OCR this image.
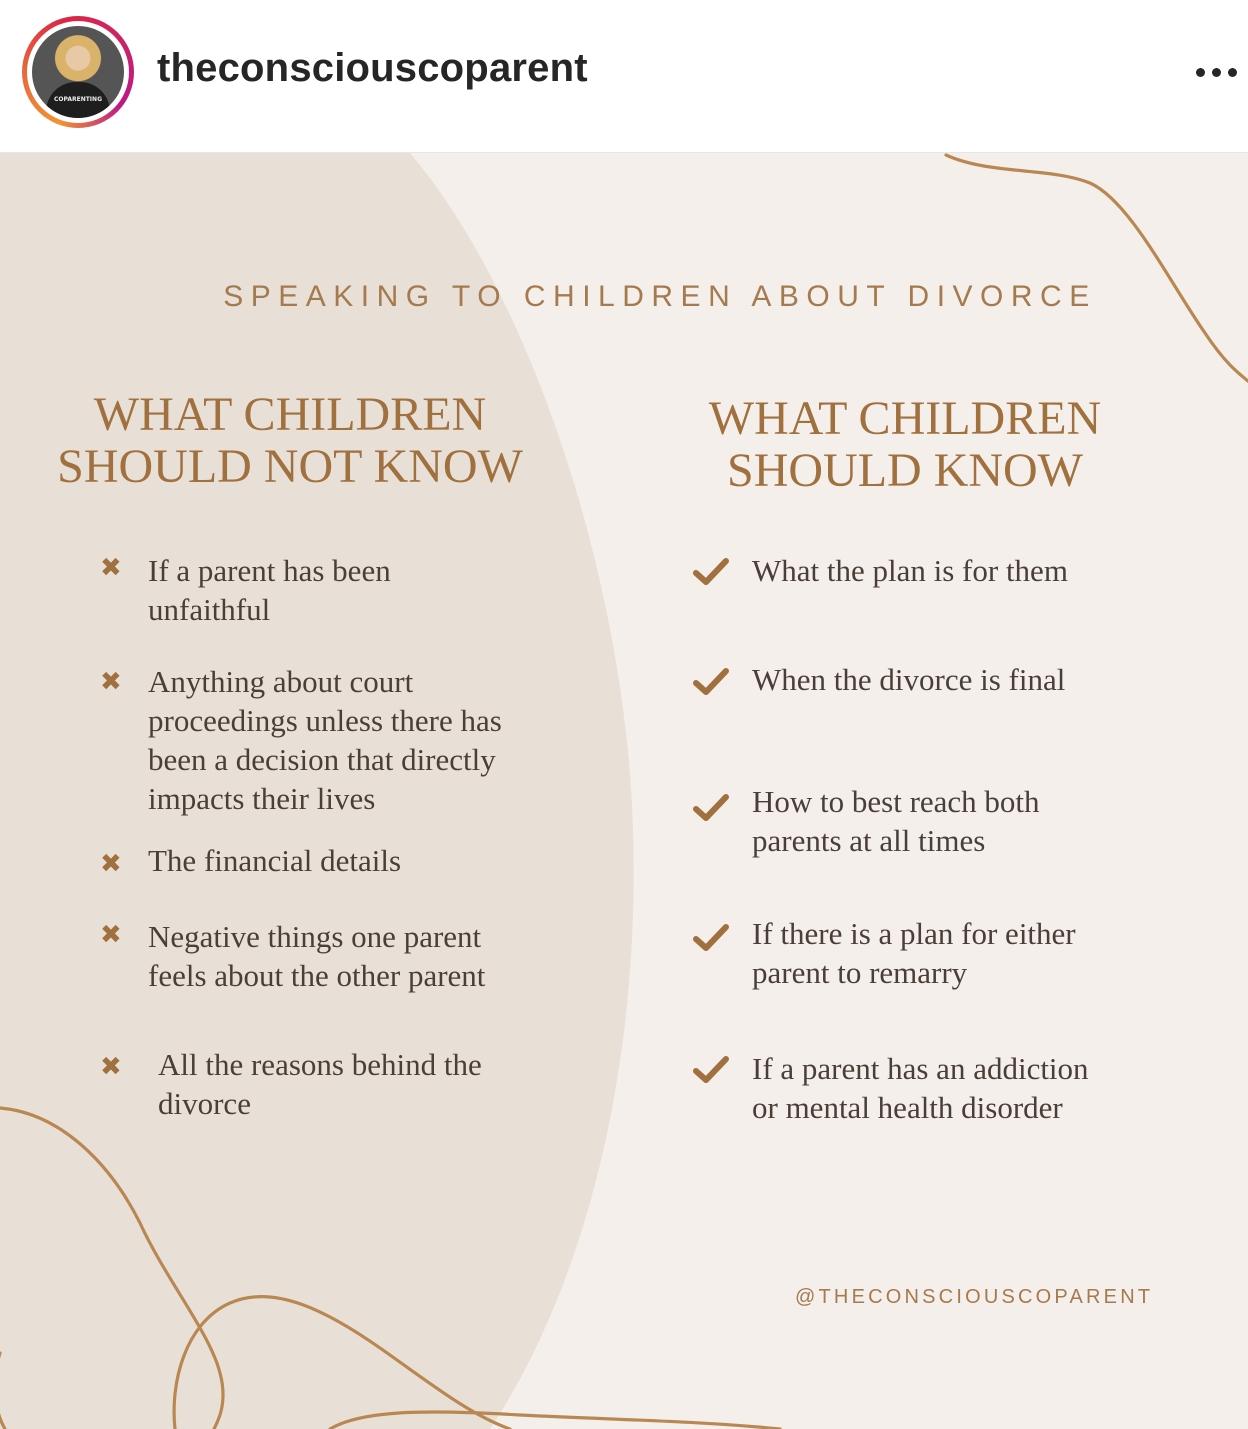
COPARENTING
theconsciouscoparent
SPEAKING TO CHILDREN ABOUT DIVORCE
WHAT CHILDREN
SHOULD NOT KNOW
WHAT CHILDREN
SHOULD KNOW
✖ If a parent has been
unfaithful
✖ Anything about court
proceedings unless there has
been a decision that directly
impacts their lives
✖ The financial details
✖ Negative things one parent
feels about the other parent
✖ All the reasons behind the
divorce
What the plan is for them
When the divorce is final
How to best reach both
parents at all times
If there is a plan for either
parent to remarry
If a parent has an addiction
or mental health disorder
@THECONSCIOUSCOPARENT
